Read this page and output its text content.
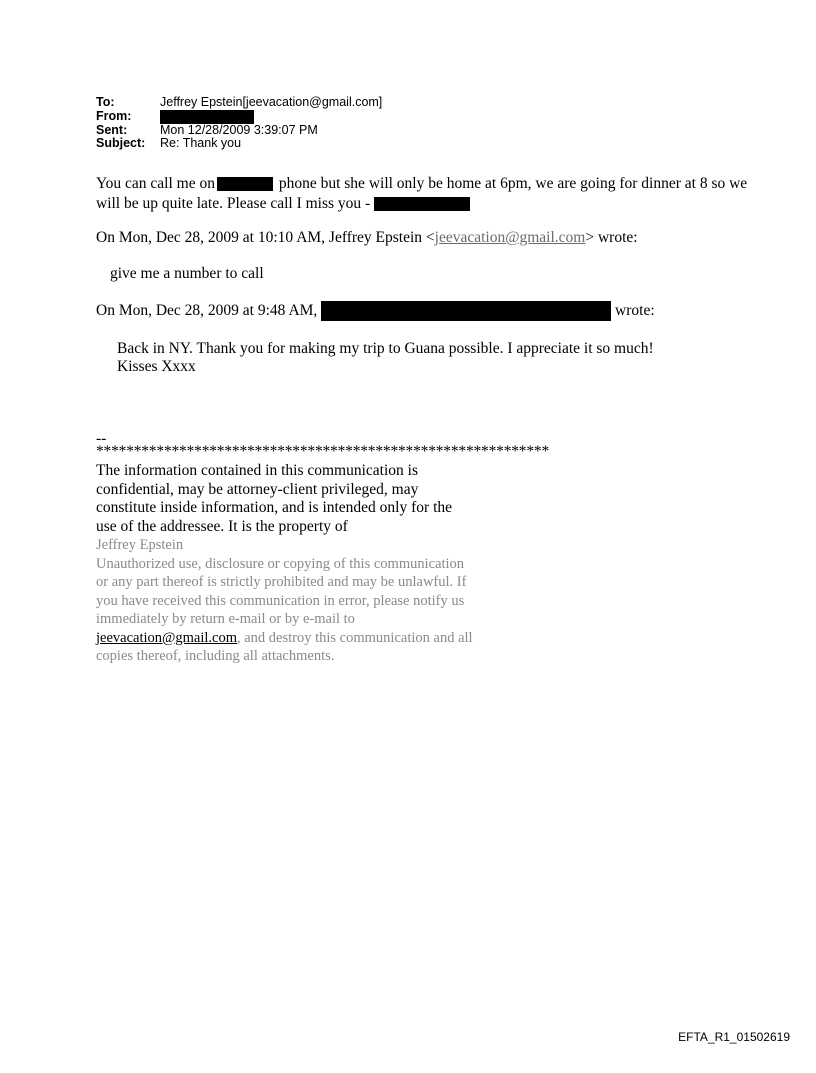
To:	Jeffrey Epstein[jeevacation@gmail.com]
From:
Sent:	Mon 12/28/2009 3:39:07 PM
Subject:	Re: Thank you
You can call me on	phone but she will only be home at 6pm, we are going for dinner at 8 so we will be up quite late. Please call I miss you -
On Mon, Dec 28, 2009 at 10:10 AM, Jeffrey Epstein <jeevacation@gmail.com> wrote:
give me a number to call
On Mon, Dec 28, 2009 at 9:48 AM,	wrote:
Back in NY. Thank you for making my trip to Guana possible. I appreciate it so much!
Kisses Xxxx
--
************************************************************
The information contained in this communication is confidential, may be attorney-client privileged, may constitute inside information, and is intended only for the use of the addressee. It is the property of
Jeffrey Epstein
Unauthorized use, disclosure or copying of this communication or any part thereof is strictly prohibited and may be unlawful. If you have received this communication in error, please notify us immediately by return e-mail or by e-mail to jeevacation@gmail.com, and destroy this communication and all copies thereof, including all attachments.
EFTA_R1_01502619
